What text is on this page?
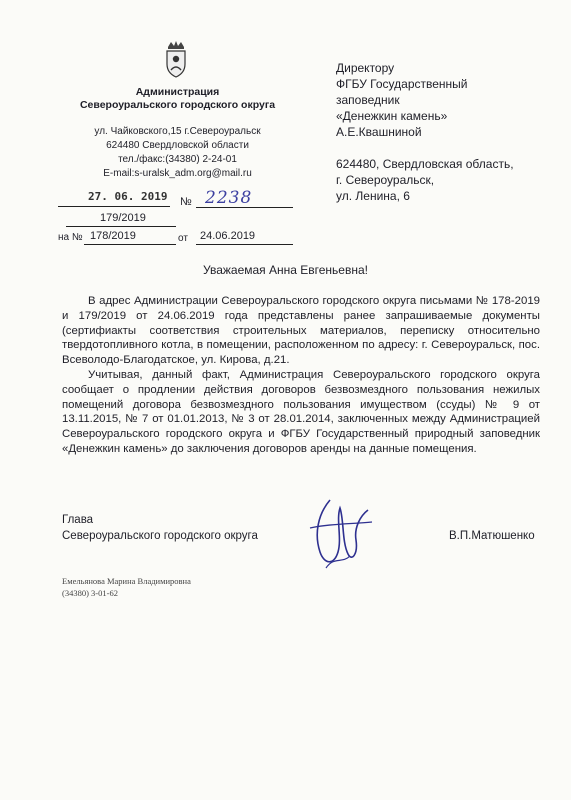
Администрация
Североуральского городского округа
ул. Чайковского,15 г.Североуральск
624480 Свердловской области
тел./факс:(34380) 2-24-01
E-mail:s-uralsk_adm.org@mail.ru
27. 06. 2019 № 2238
179/2019
на № 178/2019	от 24.06.2019
Директору
ФГБУ Государственный
заповедник
«Денежкин камень»
А.Е.Квашниной
624480, Свердловская область,
г. Североуральск,
ул. Ленина, 6
Уважаемая Анна Евгеньевна!

В адрес Администрации Североуральского городского округа письмами № 178-2019 и 179/2019 от 24.06.2019 года представлены ранее запрашиваемые документы (сертифиакты соответствия строительных материалов, переписку относительно твердотопливного котла, в помещении, расположенном по адресу: г. Североуральск, пос. Всеволодо-Благодатское, ул. Кирова, д.21.

Учитывая, данный факт, Администрация Североуральского городского округа сообщает о продлении действия договоров безвозмездного пользования нежилых помещений договора безвозмездного пользования имуществом (ссуды) № 9 от 13.11.2015, № 7 от 01.01.2013, № 3 от 28.01.2014, заключенных между Администрацией Североуральского городского округа и ФГБУ Государственный природный заповедник «Денежкин камень» до заключения договоров аренды на данные помещения.

Глава
Североуральского городского округа	В.П.Матюшенко
Емельянова Марина Владимировна
(34380) 3-01-62
